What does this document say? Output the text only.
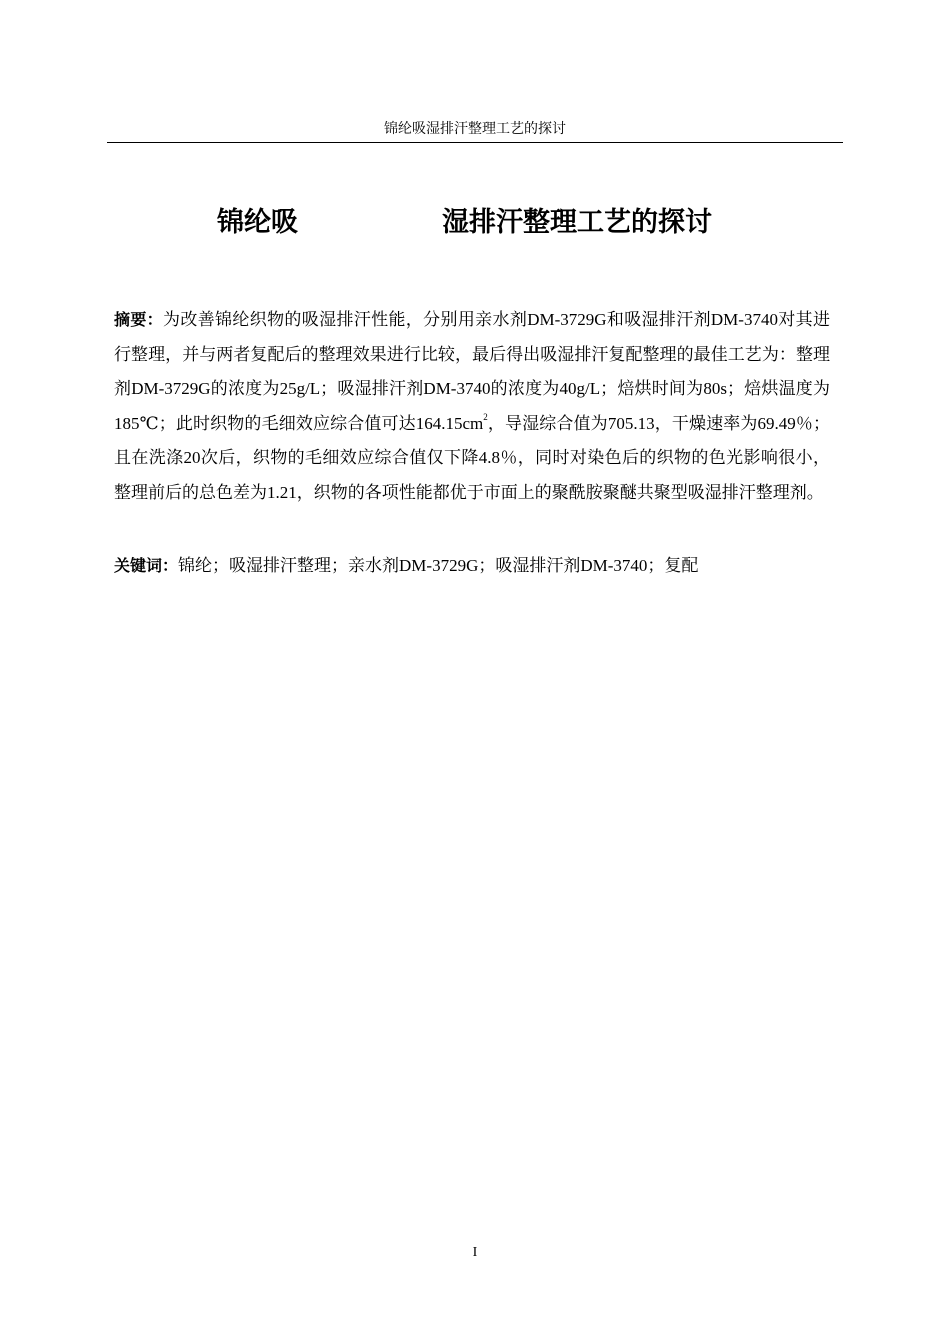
锦纶吸湿排汗整理工艺的探讨
锦纶吸	湿排汗整理工艺的探讨
摘要：为改善锦纶织物的吸湿排汗性能，分别用亲水剂DM-3729G和吸湿排汗剂DM-3740对其进行整理，并与两者复配后的整理效果进行比较，最后得出吸湿排汗复配整理的最佳工艺为：整理剂DM-3729G的浓度为25g/L；吸湿排汗剂DM-3740的浓度为40g/L；焙烘时间为80s；焙烘温度为185℃；此时织物的毛细效应综合值可达$164.15cm^2$，导湿综合值为705.13，干燥速率为69.49％；且在洗涤20次后，织物的毛细效应综合值仅下降4.8％，同时对染色后的织物的色光影响很小，整理前后的总色差为1.21，织物的各项性能都优于市面上的聚酰胺聚醚共聚型吸湿排汗整理剂。
关键词：锦纶；吸湿排汗整理；亲水剂DM-3729G；吸湿排汗剂DM-3740；复配
I
